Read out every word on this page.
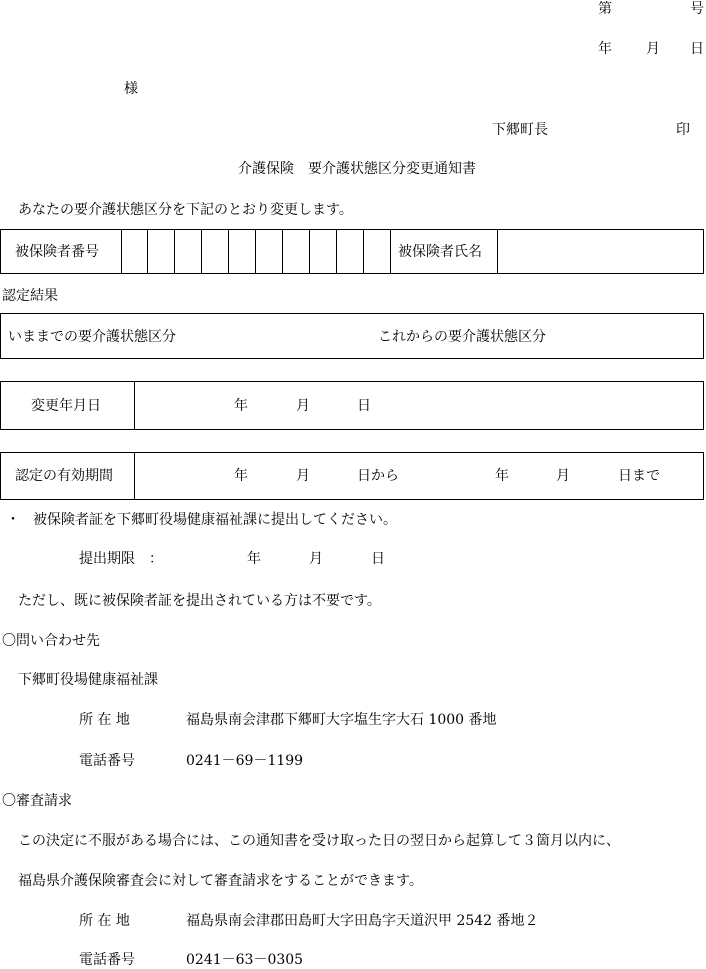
第	号
年 月 日
様
下郷町長	印
介護保険　要介護状態区分変更通知書
あなたの要介護状態区分を下記のとおり変更します。
被保険者番号	被保険者氏名
認定結果
いままでの要介護状態区分	これからの要介護状態区分
変更年月日	年	月	日
認定の有効期間	年	月	日から	年	月	日まで
・ 被保険者証を下郷町役場健康福祉課に提出してください。
提出期限　：	年	月	日
ただし、既に被保険者証を提出されている方は不要です。
〇問い合わせ先
下郷町役場健康福祉課
所 在 地	福島県南会津郡下郷町大字塩生字大石 1000 番地
電話番号	0241－69－1199
〇審査請求
この決定に不服がある場合には、この通知書を受け取った日の翌日から起算して３箇月以内に、
福島県介護保険審査会に対して審査請求をすることができます。
所 在 地	福島県南会津郡田島町大字田島字天道沢甲 2542 番地２
電話番号	0241－63－0305
